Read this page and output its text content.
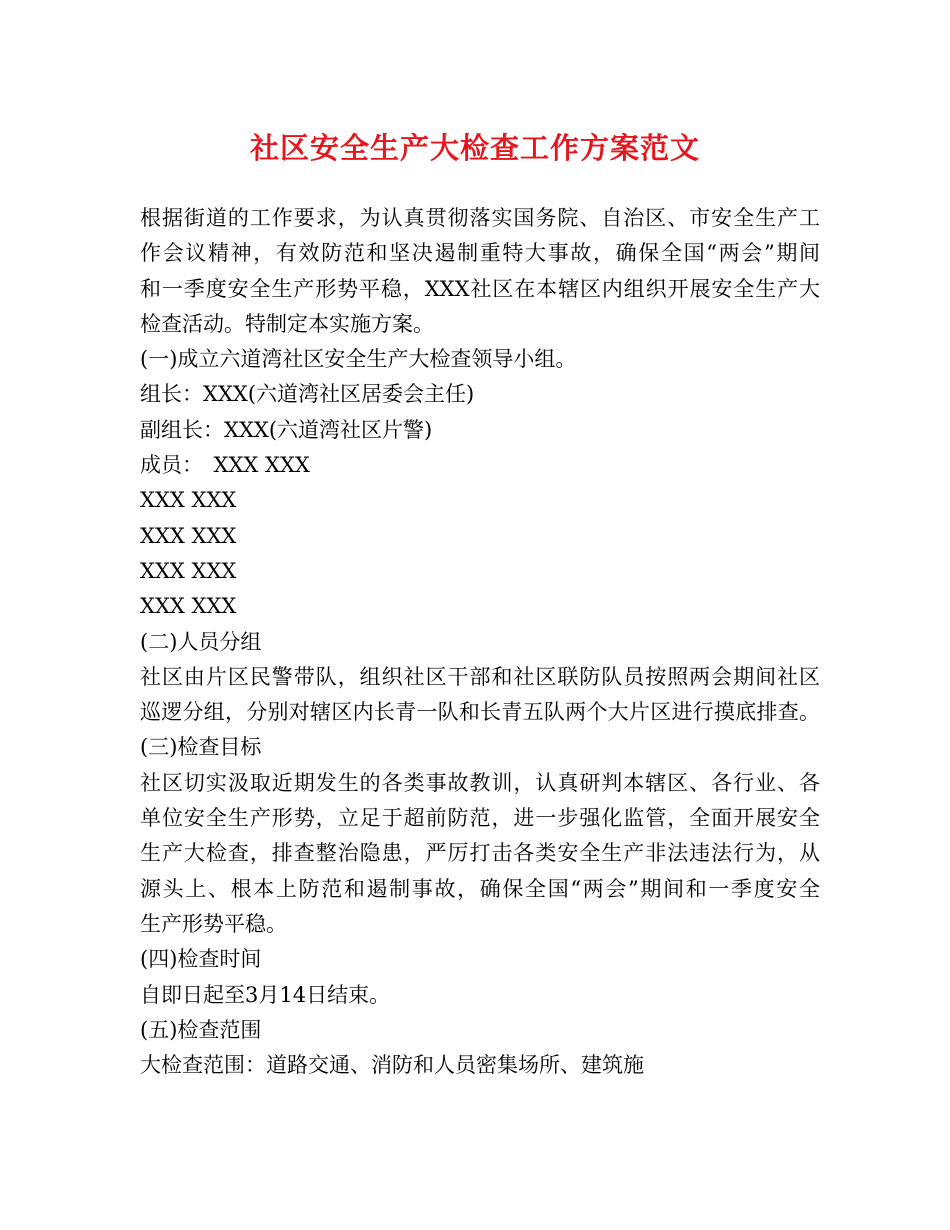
社区安全生产大检查工作方案范文
根据街道的工作要求，为认真贯彻落实国务院、自治区、市安全生产工
作会议精神，有效防范和坚决遏制重特大事故，确保全国“两会”期间
和一季度安全生产形势平稳，XXX社区在本辖区内组织开展安全生产大
检查活动。特制定本实施方案。
(一)成立六道湾社区安全生产大检查领导小组。
组长：XXX(六道湾社区居委会主任)
副组长：XXX(六道湾社区片警)
成员：　XXX XXX
XXX XXX
XXX XXX
XXX XXX
XXX XXX
(二)人员分组
社区由片区民警带队，组织社区干部和社区联防队员按照两会期间社区
巡逻分组，分别对辖区内长青一队和长青五队两个大片区进行摸底排查。
(三)检查目标
社区切实汲取近期发生的各类事故教训，认真研判本辖区、各行业、各
单位安全生产形势，立足于超前防范，进一步强化监管，全面开展安全
生产大检查，排查整治隐患，严厉打击各类安全生产非法违法行为，从
源头上、根本上防范和遏制事故，确保全国“两会”期间和一季度安全
生产形势平稳。
(四)检查时间
自即日起至3月14日结束。
(五)检查范围
大检查范围：道路交通、消防和人员密集场所、建筑施
